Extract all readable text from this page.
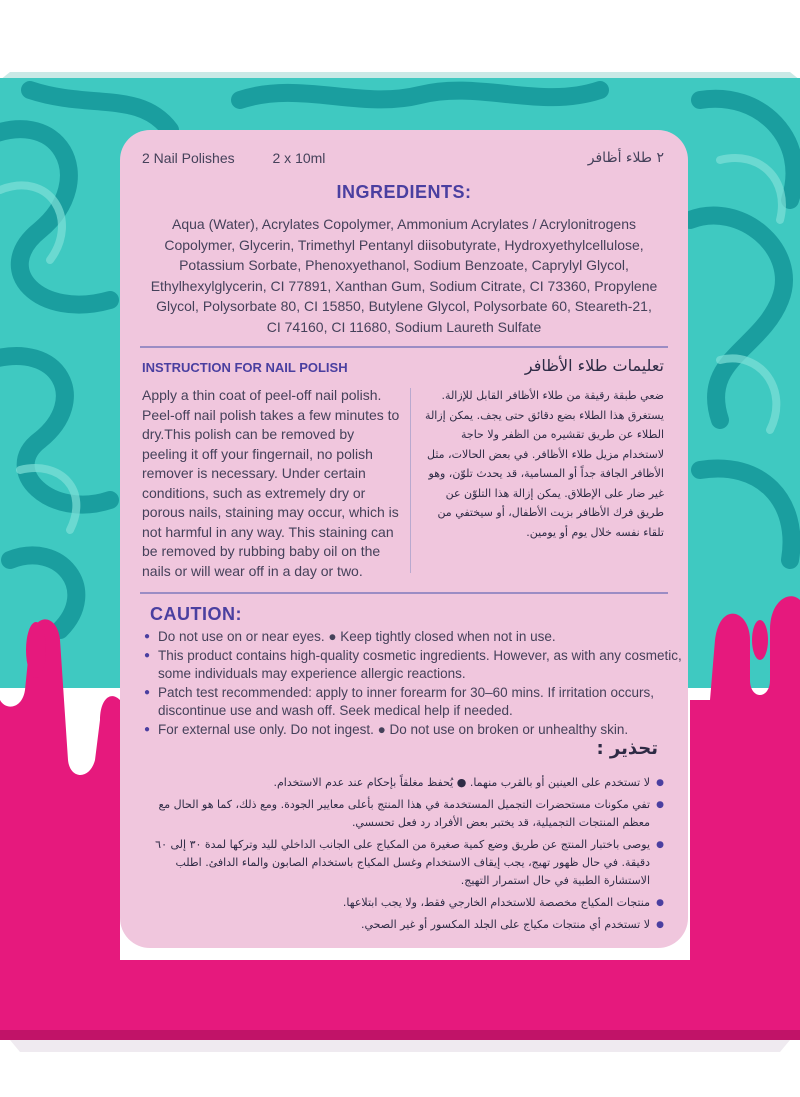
2 Nail Polishes	2 x 10ml	٢ طلاء أظافر
INGREDIENTS:
Aqua (Water), Acrylates Copolymer, Ammonium Acrylates / Acrylonitrogens Copolymer, Glycerin, Trimethyl Pentanyl diisobutyrate, Hydroxyethylcellulose, Potassium Sorbate, Phenoxyethanol, Sodium Benzoate, Caprylyl Glycol, Ethylhexylglycerin, CI 77891, Xanthan Gum, Sodium Citrate, CI 73360, Propylene Glycol, Polysorbate 80, CI 15850, Butylene Glycol, Polysorbate 60, Steareth-21, CI 74160, CI 11680, Sodium Laureth Sulfate
INSTRUCTION FOR NAIL POLISH	تعليمات طلاء الأظافر
Apply a thin coat of peel-off nail polish. Peel-off nail polish takes a few minutes to dry.This polish can be removed by peeling it off your fingernail, no polish remover is necessary. Under certain conditions, such as extremely dry or porous nails, staining may occur, which is not harmful in any way. This staining can be removed by rubbing baby oil on the nails or will wear off in a day or two.
ضعي طبقة رقيقة من طلاء الأظافر القابل للإزالة. يستغرق هذا الطلاء بضع دقائق حتى يجف. يمكن إزالة الطلاء عن طريق تقشيره من الظفر ولا حاجة لاستخدام مزيل طلاء الأظافر. في بعض الحالات، مثل الأظافر الجافة جداً أو المسامية، قد يحدث تلوّن، وهو غير ضار على الإطلاق. يمكن إزالة هذا التلوّن عن طريق فرك الأظافر بزيت الأطفال، أو سيختفي من تلقاء نفسه خلال يوم أو يومين.
CAUTION:
● Do not use on or near eyes. ● Keep tightly closed when not in use.
● This product contains high-quality cosmetic ingredients. However, as with any cosmetic, some individuals may experience allergic reactions.
● Patch test recommended: apply to inner forearm for 30–60 mins. If irritation occurs, discontinue use and wash off. Seek medical help if needed.
● For external use only. Do not ingest. ● Do not use on broken or unhealthy skin.
تحذير :
● لا تستخدم على العينين أو بالقرب منهما. ● يُحفظ مغلقاً بإحكام عند عدم الاستخدام.
● تفي مكونات مستحضرات التجميل المستخدمة في هذا المنتج بأعلى معايير الجودة. ومع ذلك، كما هو الحال مع معظم المنتجات التجميلية، قد يختبر بعض الأفراد رد فعل تحسسي.
● يوصى باختبار المنتج عن طريق وضع كمية صغيرة من المكياج على الجانب الداخلي لليد وتركها لمدة ٣٠ إلى ٦٠ دقيقة. في حال ظهور تهيج، يجب إيقاف الاستخدام وغسل المكياج باستخدام الصابون والماء الدافئ. اطلب الاستشارة الطبية في حال استمرار التهيج.
● منتجات المكياج مخصصة للاستخدام الخارجي فقط، ولا يجب ابتلاعها.
● لا تستخدم أي منتجات مكياج على الجلد المكسور أو غير الصحي.
